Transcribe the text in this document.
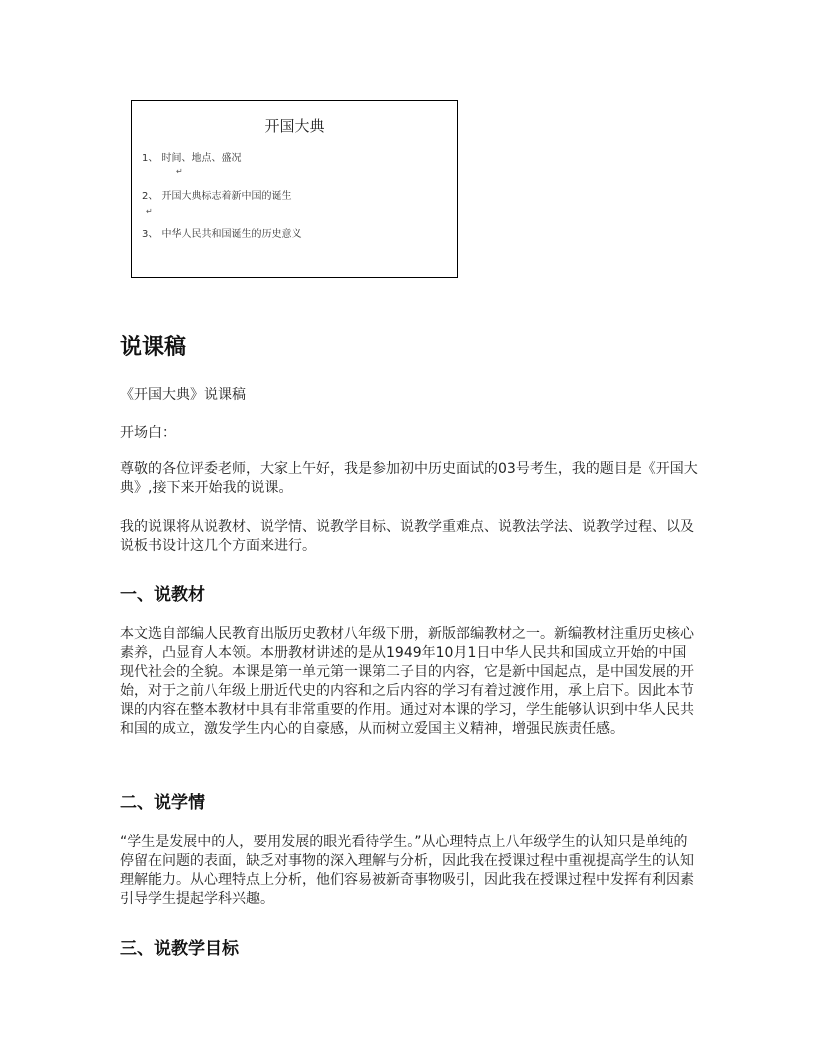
开国大典
1、 时间、地点、盛况
↵
2、 开国大典标志着新中国的诞生
↵
3、 中华人民共和国诞生的历史意义
说课稿

《开国大典》说课稿

开场白：

尊敬的各位评委老师，大家上午好，我是参加初中历史面试的03号考生，我的题目是《开国大典》,接下来开始我的说课。

我的说课将从说教材、说学情、说教学目标、说教学重难点、说教法学法、说教学过程、以及说板书设计这几个方面来进行。

一、说教材

本文选自部编人民教育出版历史教材八年级下册，新版部编教材之一。新编教材注重历史核心素养，凸显育人本领。本册教材讲述的是从1949年10月1日中华人民共和国成立开始的中国现代社会的全貌。本课是第一单元第一课第二子目的内容，它是新中国起点，是中国发展的开始，对于之前八年级上册近代史的内容和之后内容的学习有着过渡作用，承上启下。因此本节课的内容在整本教材中具有非常重要的作用。通过对本课的学习，学生能够认识到中华人民共和国的成立，激发学生内心的自豪感，从而树立爱国主义精神，增强民族责任感。

二、说学情

“学生是发展中的人，要用发展的眼光看待学生。”从心理特点上八年级学生的认知只是单纯的停留在问题的表面，缺乏对事物的深入理解与分析，因此我在授课过程中重视提高学生的认知理解能力。从心理特点上分析，他们容易被新奇事物吸引，因此我在授课过程中发挥有利因素引导学生提起学科兴趣。

三、说教学目标
